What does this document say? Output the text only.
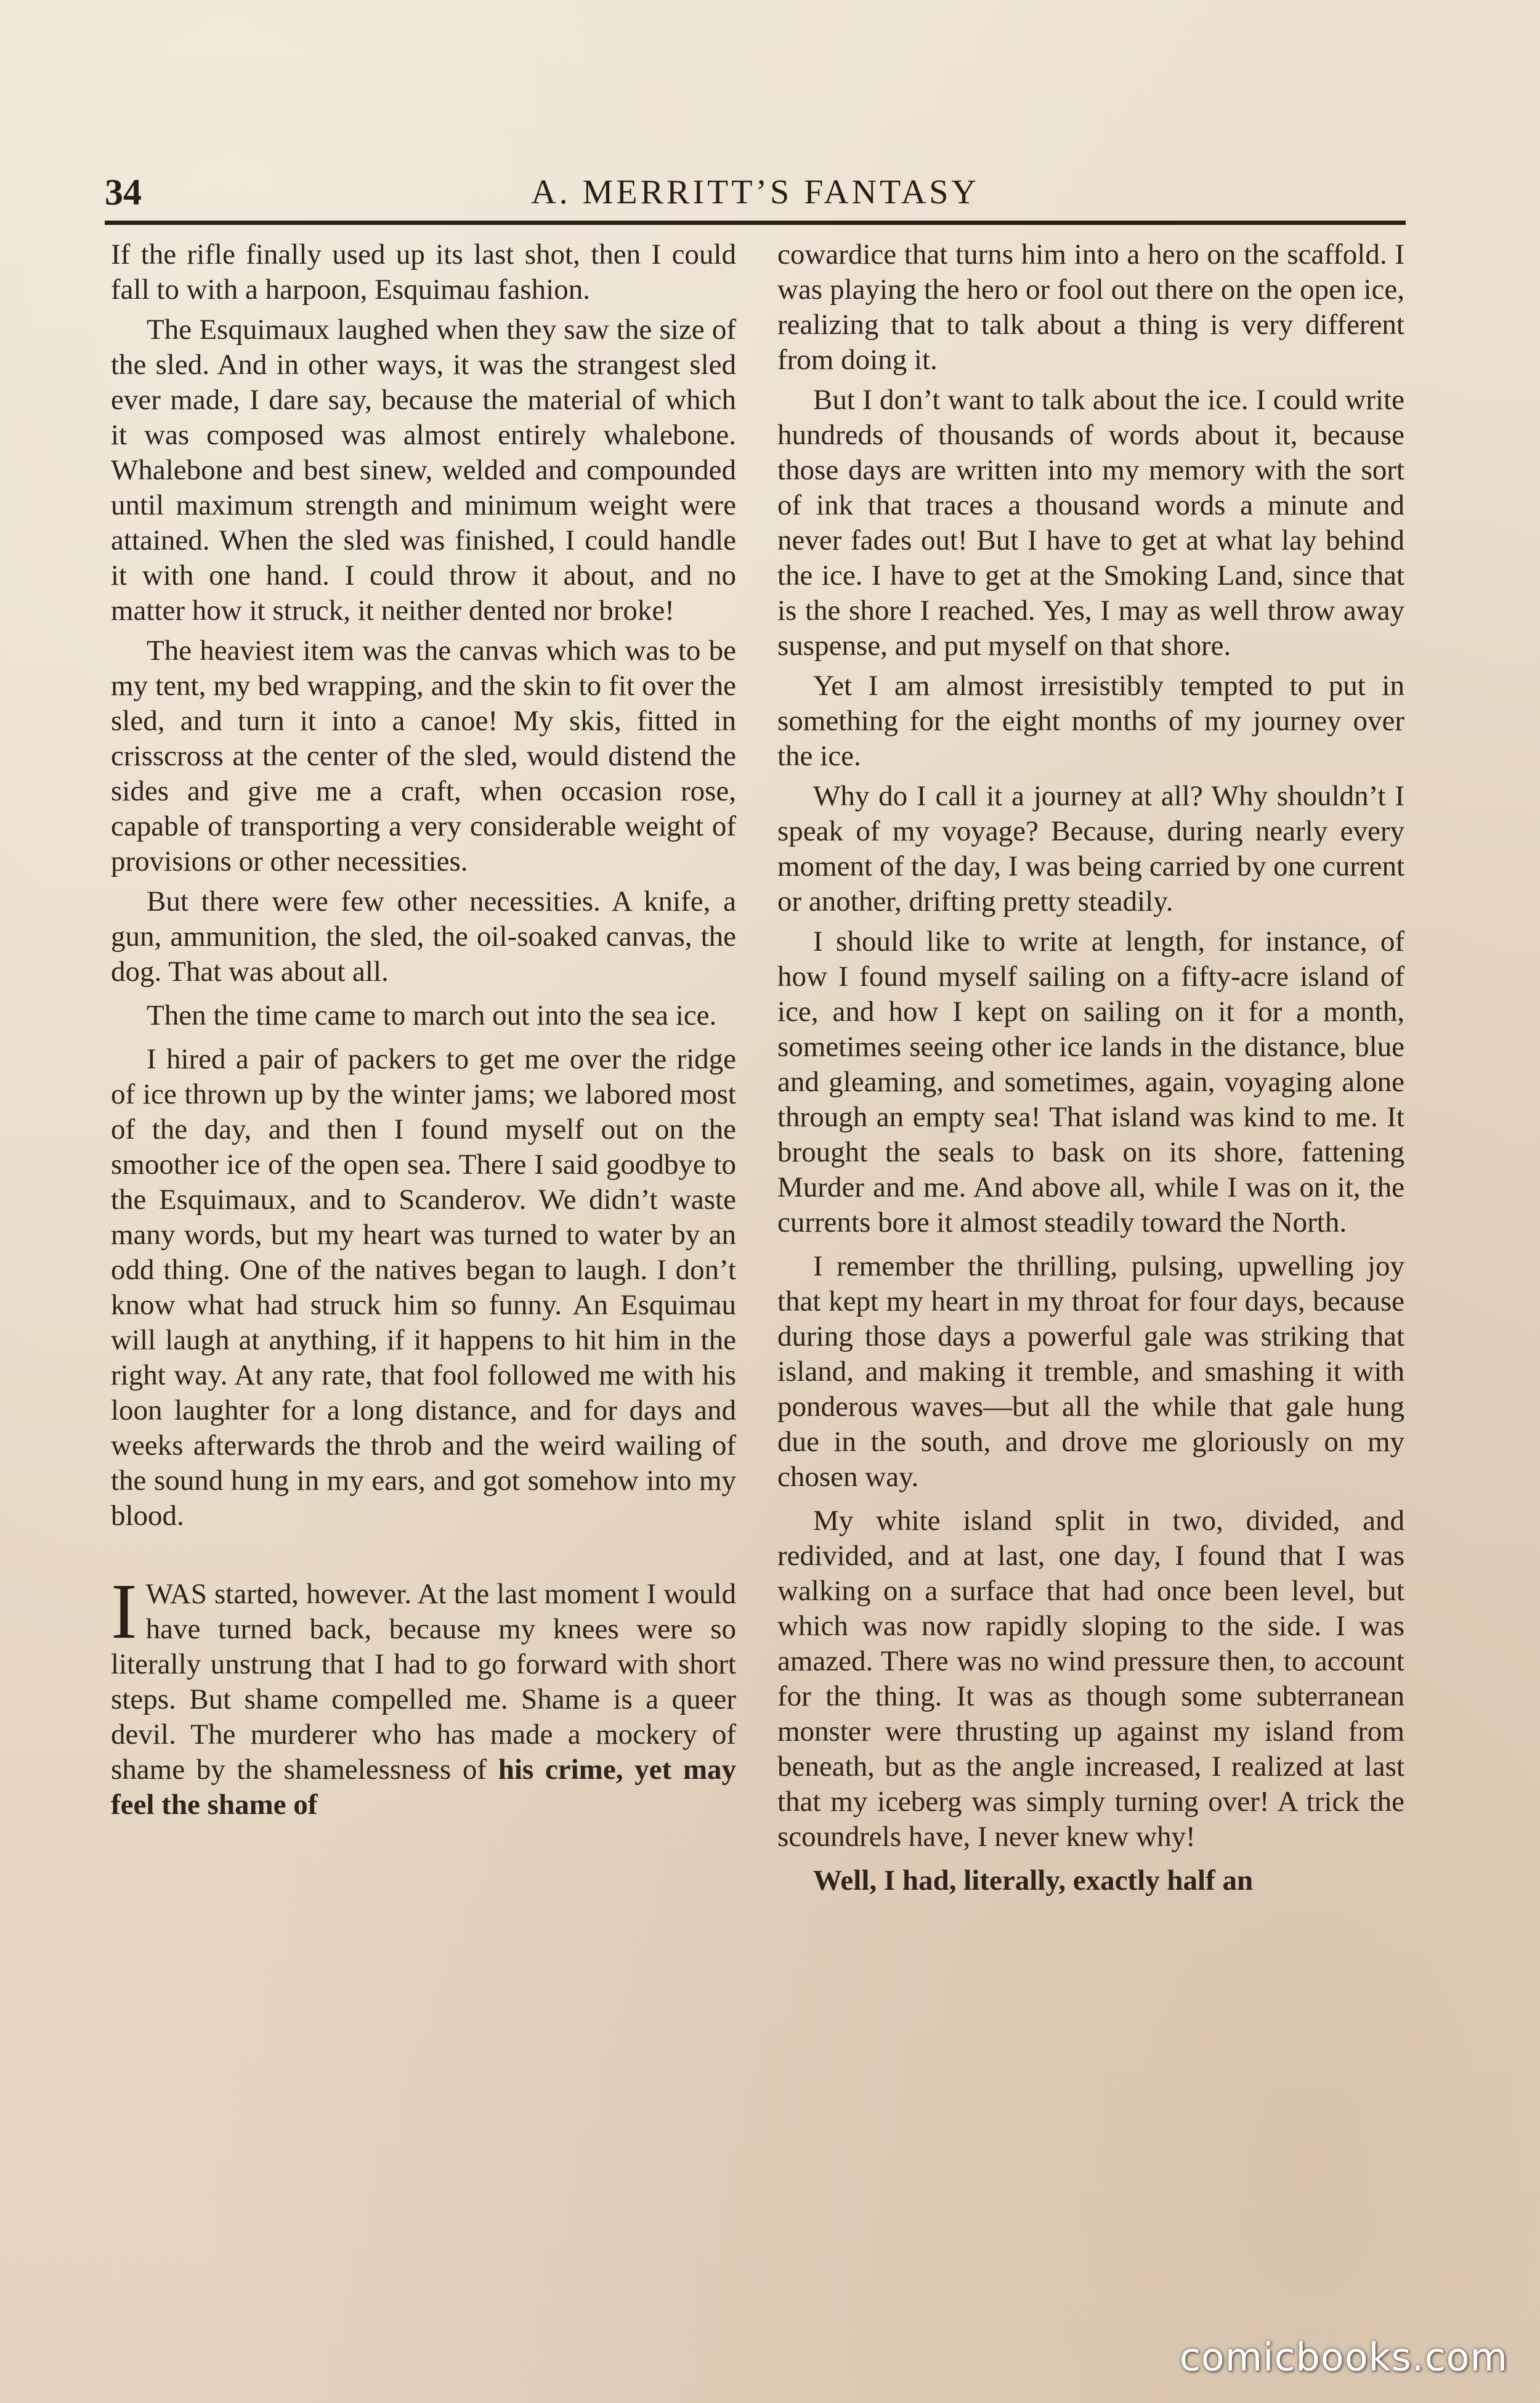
34	A. MERRITT’S FANTASY

If the rifle finally used up its last shot, then I could fall to with a harpoon, Esquimau fashion.

The Esquimaux laughed when they saw the size of the sled. And in other ways, it was the strangest sled ever made, I dare say, because the material of which it was composed was almost entirely whalebone. Whalebone and best sinew, welded and compounded until maximum strength and minimum weight were attained. When the sled was finished, I could handle it with one hand. I could throw it about, and no matter how it struck, it neither dented nor broke!

The heaviest item was the canvas which was to be my tent, my bed wrapping, and the skin to fit over the sled, and turn it into a canoe! My skis, fitted in crisscross at the center of the sled, would distend the sides and give me a craft, when occasion rose, capable of transporting a very considerable weight of provisions or other necessities.

But there were few other necessities. A knife, a gun, ammunition, the sled, the oil-soaked canvas, the dog. That was about all.

Then the time came to march out into the sea ice.

I hired a pair of packers to get me over the ridge of ice thrown up by the winter jams; we labored most of the day, and then I found myself out on the smoother ice of the open sea. There I said goodbye to the Esquimaux, and to Scanderov. We didn’t waste many words, but my heart was turned to water by an odd thing. One of the natives began to laugh. I don’t know what had struck him so funny. An Esquimau will laugh at anything, if it happens to hit him in the right way. At any rate, that fool followed me with his loon laughter for a long distance, and for days and weeks afterwards the throb and the weird wailing of the sound hung in my ears, and got somehow into my blood.

IWAS started, however. At the last moment I would have turned back, because my knees were so literally unstrung that I had to go forward with short steps. But shame compelled me. Shame is a queer devil. The murderer who has made a mockery of shame by the shamelessness of his crime, yet may feel the shame of

cowardice that turns him into a hero on the scaffold. I was playing the hero or fool out there on the open ice, realizing that to talk about a thing is very different from doing it.

But I don’t want to talk about the ice. I could write hundreds of thousands of words about it, because those days are written into my memory with the sort of ink that traces a thousand words a minute and never fades out! But I have to get at what lay behind the ice. I have to get at the Smoking Land, since that is the shore I reached. Yes, I may as well throw away suspense, and put myself on that shore.

Yet I am almost irresistibly tempted to put in something for the eight months of my journey over the ice.

Why do I call it a journey at all? Why shouldn’t I speak of my voyage? Because, during nearly every moment of the day, I was being carried by one current or another, drifting pretty steadily.

I should like to write at length, for instance, of how I found myself sailing on a fifty-acre island of ice, and how I kept on sailing on it for a month, sometimes seeing other ice lands in the distance, blue and gleaming, and sometimes, again, voyaging alone through an empty sea! That island was kind to me. It brought the seals to bask on its shore, fattening Murder and me. And above all, while I was on it, the currents bore it almost steadily toward the North.

I remember the thrilling, pulsing, upwelling joy that kept my heart in my throat for four days, because during those days a powerful gale was striking that island, and making it tremble, and smashing it with ponderous waves—but all the while that gale hung due in the south, and drove me gloriously on my chosen way.

My white island split in two, divided, and redivided, and at last, one day, I found that I was walking on a surface that had once been level, but which was now rapidly sloping to the side. I was amazed. There was no wind pressure then, to account for the thing. It was as though some subterranean monster were thrusting up against my island from beneath, but as the angle increased, I realized at last that my iceberg was simply turning over! A trick the scoundrels have, I never knew why!

Well, I had, literally, exactly half an

comicbooks.com
